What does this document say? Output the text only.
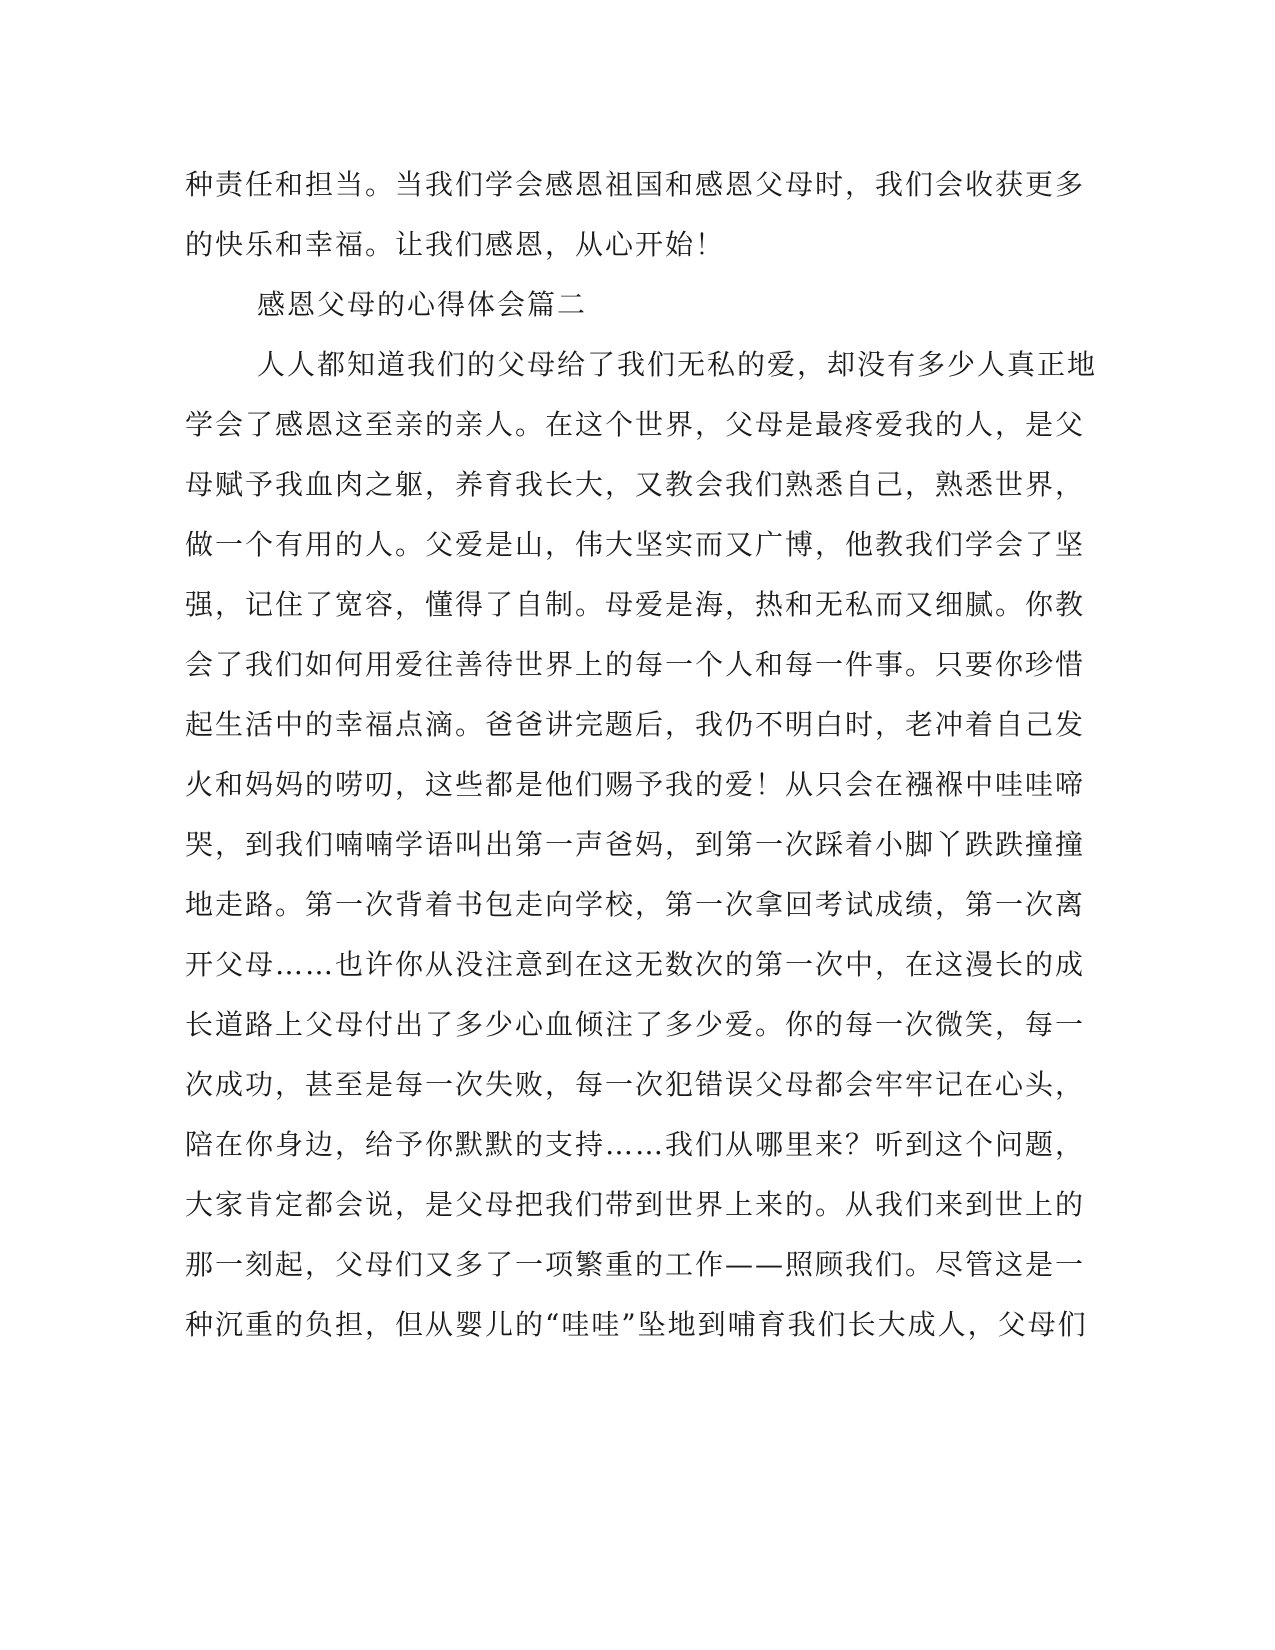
种责任和担当。当我们学会感恩祖国和感恩父母时，我们会收获更多
的快乐和幸福。让我们感恩，从心开始！
感恩父母的心得体会篇二
人人都知道我们的父母给了我们无私的爱，却没有多少人真正地
学会了感恩这至亲的亲人。在这个世界，父母是最疼爱我的人，是父
母赋予我血肉之躯，养育我长大，又教会我们熟悉自己，熟悉世界，
做一个有用的人。父爱是山，伟大坚实而又广博，他教我们学会了坚
强，记住了宽容，懂得了自制。母爱是海，热和无私而又细腻。你教
会了我们如何用爱往善待世界上的每一个人和每一件事。只要你珍惜
起生活中的幸福点滴。爸爸讲完题后，我仍不明白时，老冲着自己发
火和妈妈的唠叨，这些都是他们赐予我的爱！从只会在襁褓中哇哇啼
哭，到我们喃喃学语叫出第一声爸妈，到第一次踩着小脚丫跌跌撞撞
地走路。第一次背着书包走向学校，第一次拿回考试成绩，第一次离
开父母……也许你从没注意到在这无数次的第一次中，在这漫长的成
长道路上父母付出了多少心血倾注了多少爱。你的每一次微笑，每一
次成功，甚至是每一次失败，每一次犯错误父母都会牢牢记在心头，
陪在你身边，给予你默默的支持……我们从哪里来？听到这个问题，
大家肯定都会说，是父母把我们带到世界上来的。从我们来到世上的
那一刻起，父母们又多了一项繁重的工作——照顾我们。尽管这是一
种沉重的负担，但从婴儿的“哇哇”坠地到哺育我们长大成人，父母们
